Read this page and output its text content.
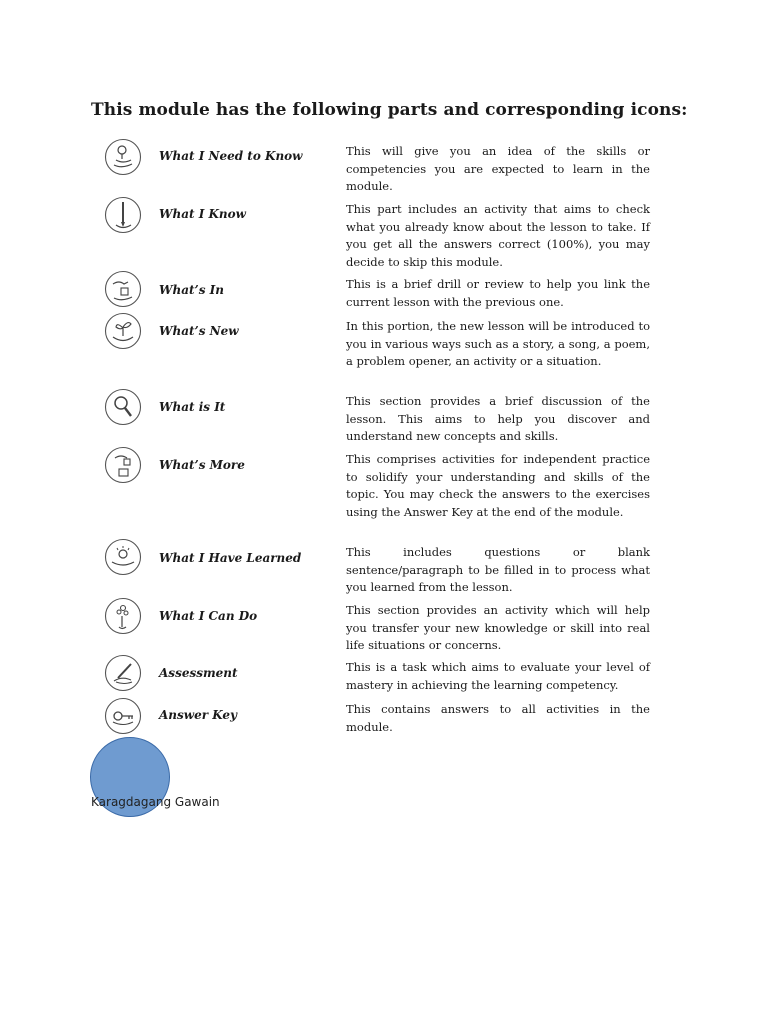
This module has the following parts and corresponding icons:
What I Need to Know	This will give you an idea of the skills or competencies you are expected to learn in the module.
What I Know	This part includes an activity that aims to check what you already know about the lesson to take. If you get all the answers correct (100%), you may decide to skip this module.
What’s In	This is a brief drill or review to help you link the current lesson with the previous one.
What’s New	In this portion, the new lesson will be introduced to you in various ways such as a story, a song, a poem, a problem opener, an activity or a situation.
What is It	This section provides a brief discussion of the lesson. This aims to help you discover and understand new concepts and skills.
What’s More	This comprises activities for independent practice to solidify your understanding and skills of the topic. You may check the answers to the exercises using the Answer Key at the end of the module.
What I Have Learned	This includes questions or blank sentence/paragraph to be filled in to process what you learned from the lesson.
What I Can Do	This section provides an activity which will help you transfer your new knowledge or skill into real life situations or concerns.
Assessment	This is a task which aims to evaluate your level of mastery in achieving the learning competency.
Answer Key	This contains answers to all activities in the module.
Karagdagang Gawain
